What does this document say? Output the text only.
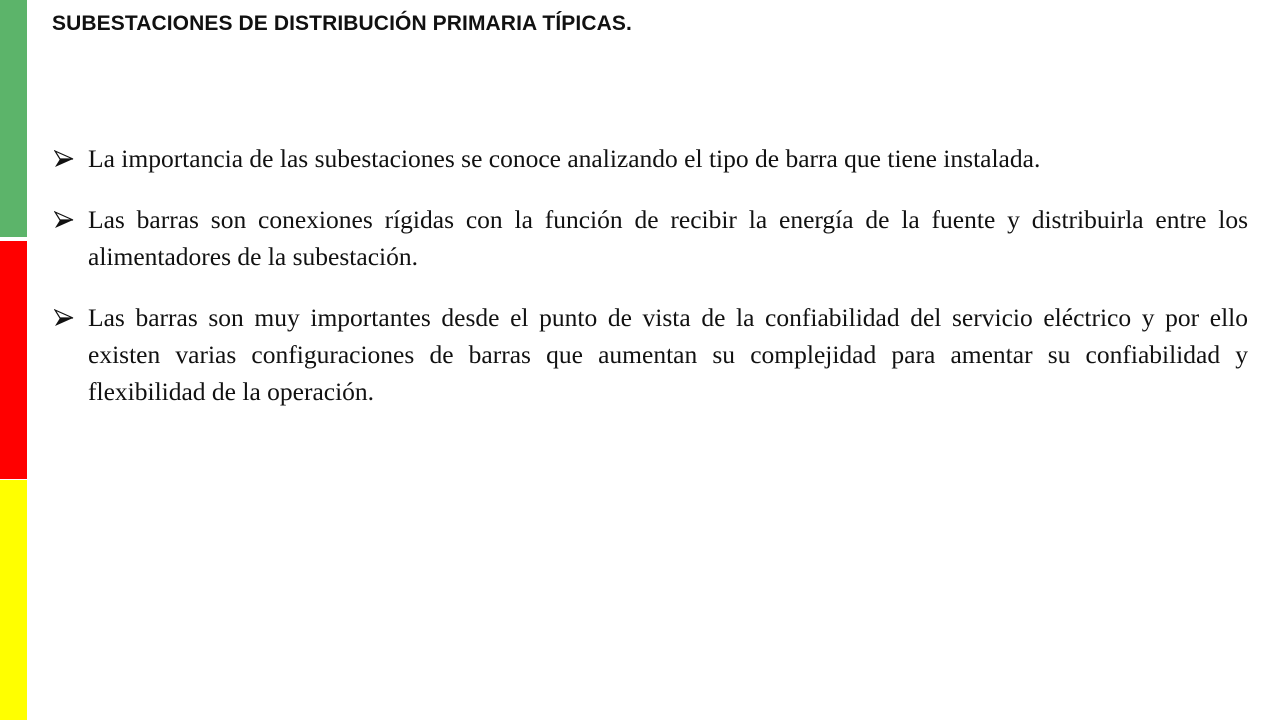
SUBESTACIONES DE DISTRIBUCIÓN PRIMARIA TÍPICAS.
La importancia de las subestaciones se conoce analizando el tipo de barra que tiene instalada.
Las barras son conexiones rígidas con la función de recibir la energía de la fuente y distribuirla entre los alimentadores de la subestación.
Las barras son muy importantes desde el punto de vista de la confiabilidad del servicio eléctrico y por ello existen varias configuraciones de barras que aumentan su complejidad para amentar su confiabilidad y flexibilidad de la operación.
